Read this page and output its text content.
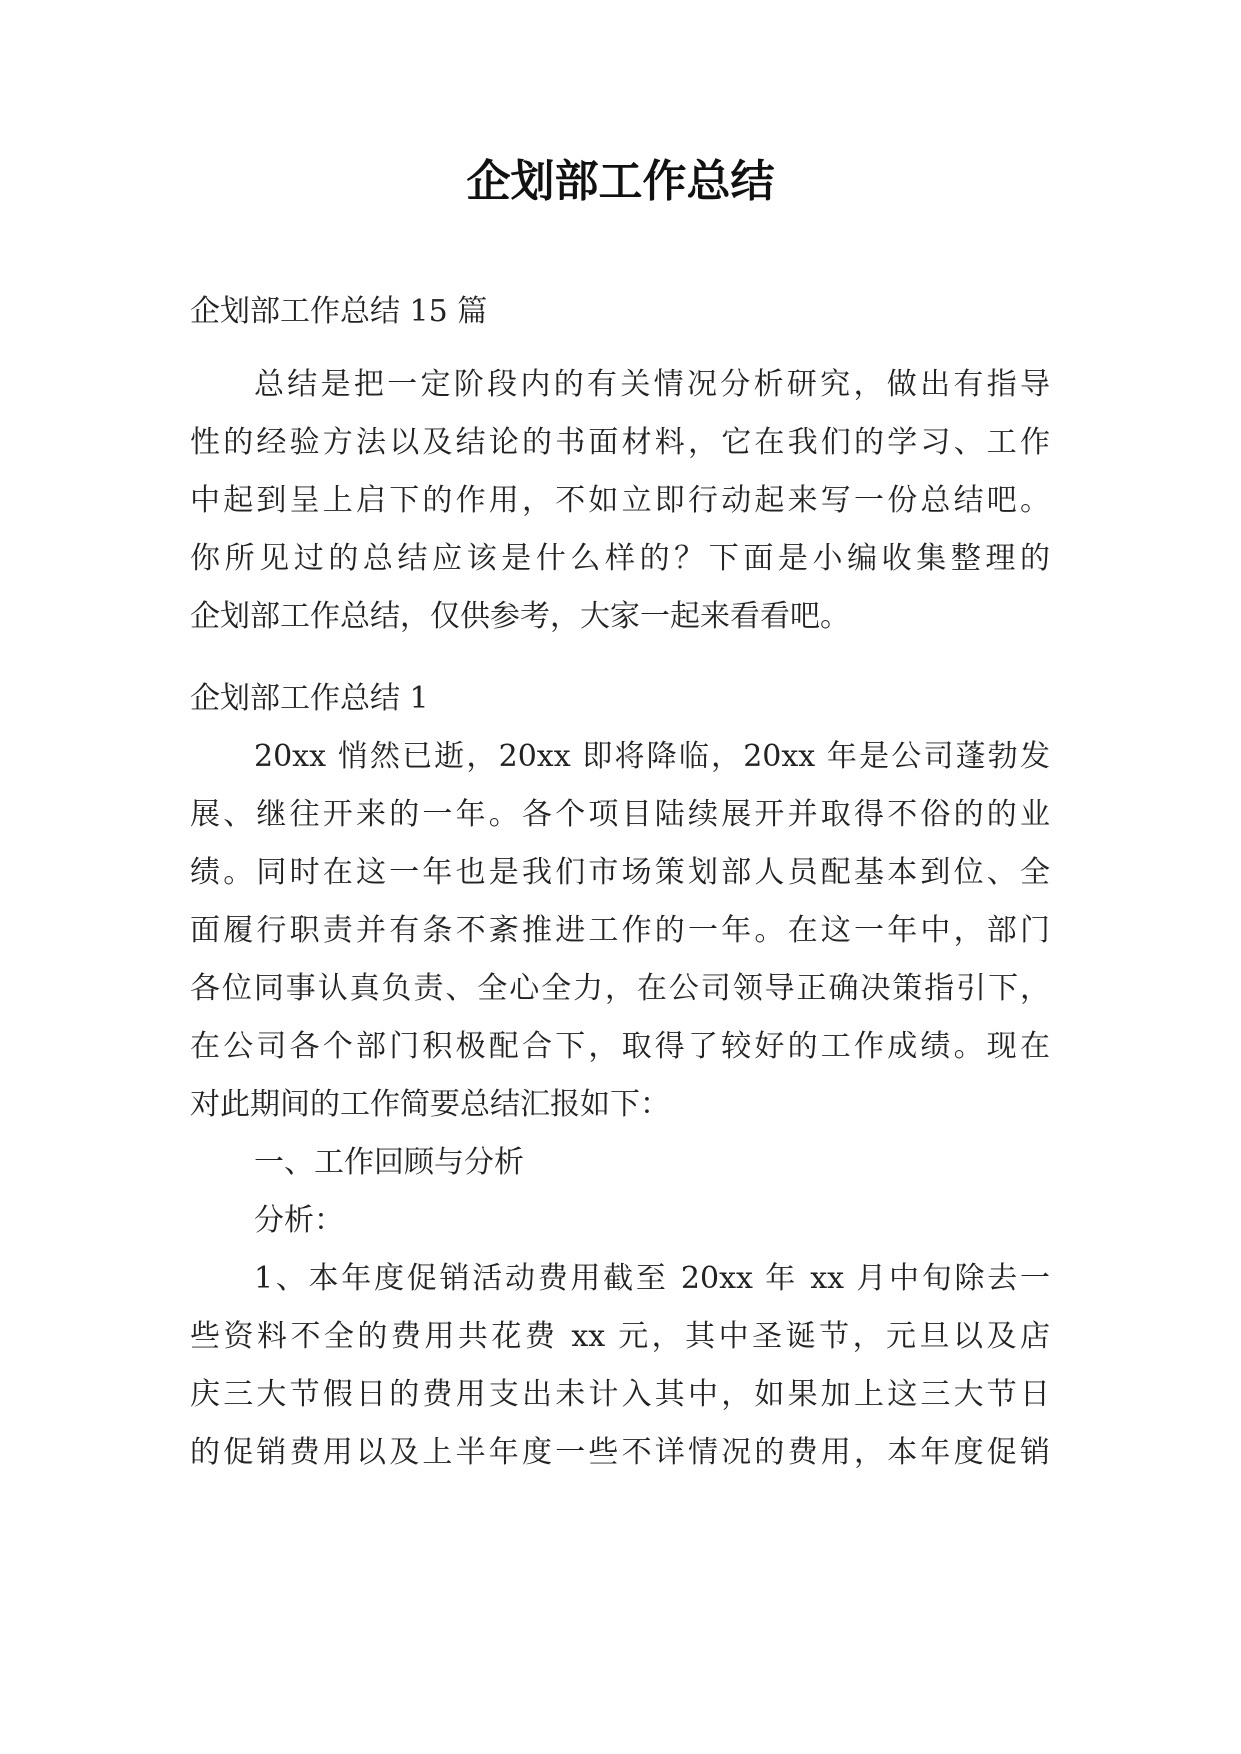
企划部工作总结
企划部工作总结 15 篇
总结是把一定阶段内的有关情况分析研究，做出有指导
性的经验方法以及结论的书面材料，它在我们的学习、工作
中起到呈上启下的作用，不如立即行动起来写一份总结吧。
你所见过的总结应该是什么样的？下面是小编收集整理的
企划部工作总结，仅供参考，大家一起来看看吧。
企划部工作总结 1
20xx 悄然已逝，20xx 即将降临，20xx 年是公司蓬勃发
展、继往开来的一年。各个项目陆续展开并取得不俗的的业
绩。同时在这一年也是我们市场策划部人员配基本到位、全
面履行职责并有条不紊推进工作的一年。在这一年中，部门
各位同事认真负责、全心全力，在公司领导正确决策指引下，
在公司各个部门积极配合下，取得了较好的工作成绩。现在
对此期间的工作简要总结汇报如下：
一、工作回顾与分析
分析：
1、本年度促销活动费用截至 20xx 年 xx 月中旬除去一
些资料不全的费用共花费 xx 元，其中圣诞节，元旦以及店
庆三大节假日的费用支出未计入其中，如果加上这三大节日
的促销费用以及上半年度一些不详情况的费用，本年度促销
